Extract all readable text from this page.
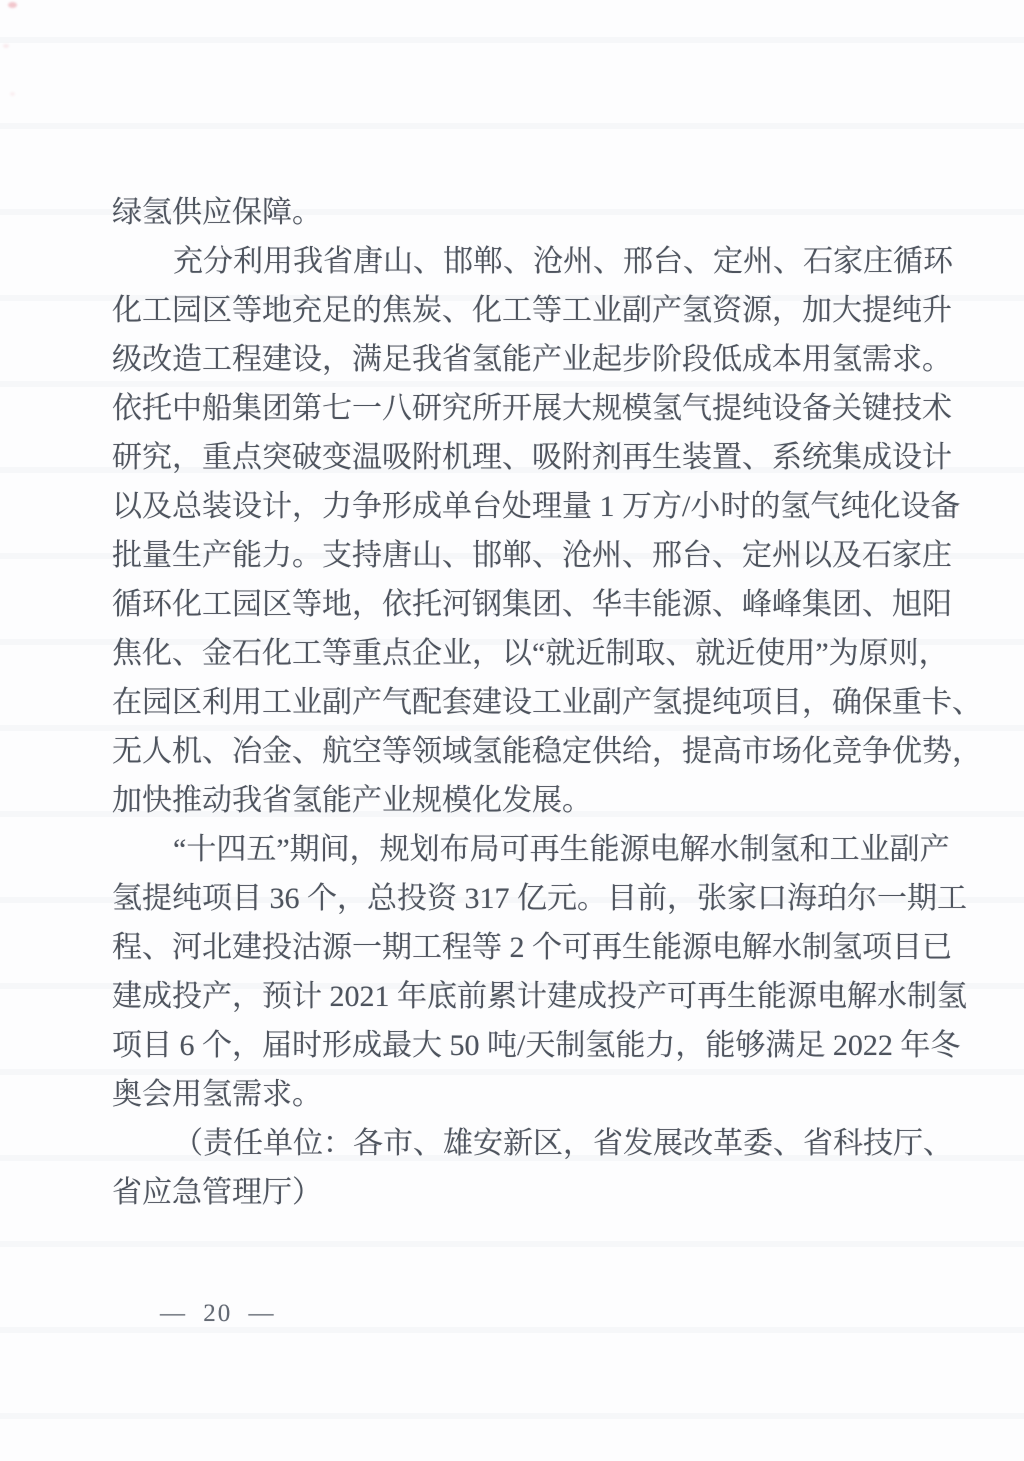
绿氢供应保障。
充分利用我省唐山、邯郸、沧州、邢台、定州、石家庄循环
化工园区等地充足的焦炭、化工等工业副产氢资源，加大提纯升
级改造工程建设，满足我省氢能产业起步阶段低成本用氢需求。
依托中船集团第七一八研究所开展大规模氢气提纯设备关键技术
研究，重点突破变温吸附机理、吸附剂再生装置、系统集成设计
以及总装设计，力争形成单台处理量 1 万方/小时的氢气纯化设备
批量生产能力。支持唐山、邯郸、沧州、邢台、定州以及石家庄
循环化工园区等地，依托河钢集团、华丰能源、峰峰集团、旭阳
焦化、金石化工等重点企业，以“就近制取、就近使用”为原则，
在园区利用工业副产气配套建设工业副产氢提纯项目，确保重卡、
无人机、冶金、航空等领域氢能稳定供给，提高市场化竞争优势，
加快推动我省氢能产业规模化发展。
“十四五”期间，规划布局可再生能源电解水制氢和工业副产
氢提纯项目 36 个，总投资 317 亿元。目前，张家口海珀尔一期工
程、河北建投沽源一期工程等 2 个可再生能源电解水制氢项目已
建成投产，预计 2021 年底前累计建成投产可再生能源电解水制氢
项目 6 个，届时形成最大 50 吨/天制氢能力，能够满足 2022 年冬
奥会用氢需求。
（责任单位：各市、雄安新区，省发展改革委、省科技厅、
省应急管理厅）
— 20 —
